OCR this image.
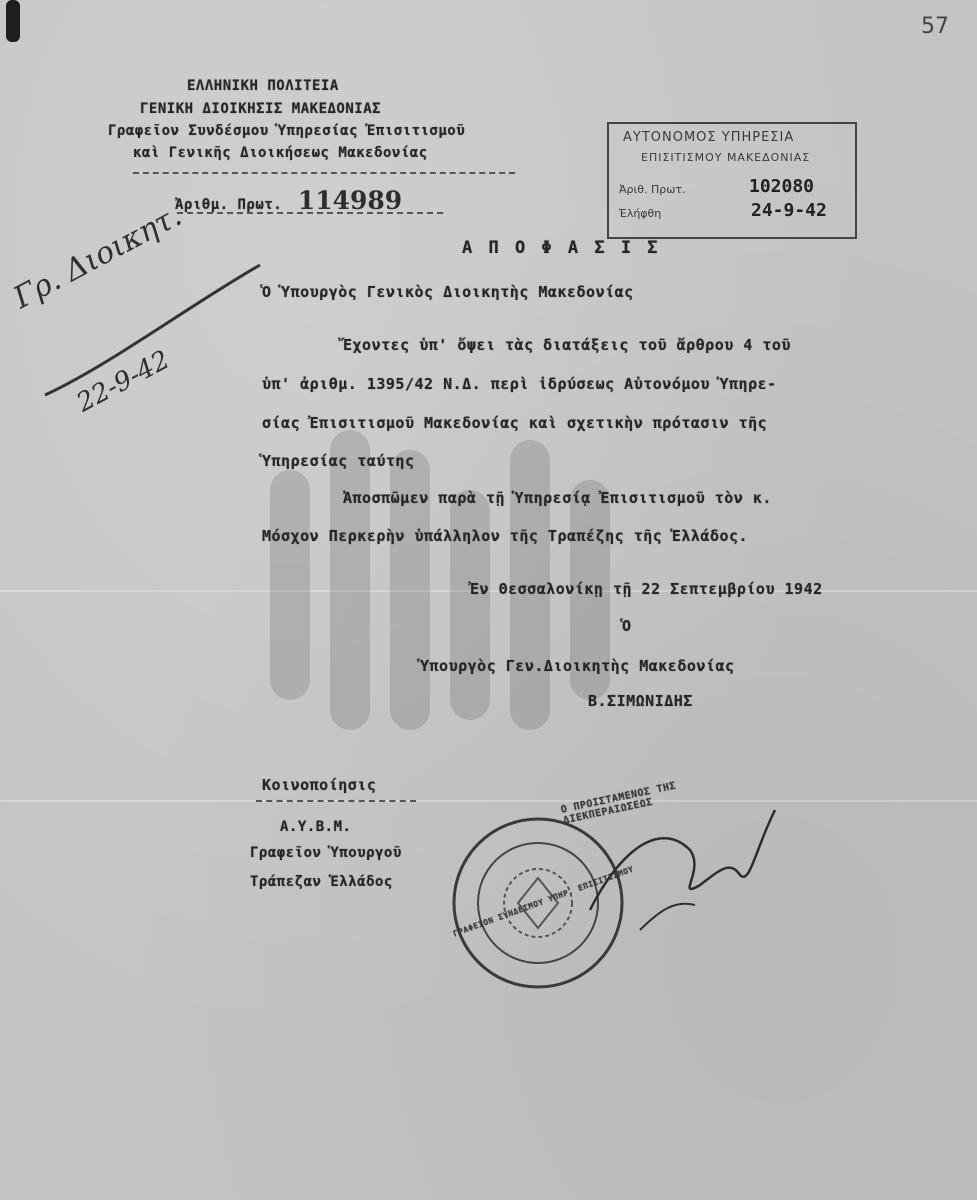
57
ΕΛΛΗΝΙΚΗ ΠΟΛΙΤΕΙΑ
ΓΕΝΙΚΗ ΔΙΟΙΚΗΣΙΣ ΜΑΚΕΔΟΝΙΑΣ
Γραφεῖον Συνδέσμου Ὑπηρεσίας Ἐπισιτισμοῦ
καὶ Γενικῆς Διοικήσεως Μακεδονίας
Ἀριθμ. Πρωτ. 114989
ΑΥΤΟΝΟΜΟΣ ΥΠΗΡΕΣΙΑ
ΕΠΙΣΙΤΙΣΜΟΥ ΜΑΚΕΔΟΝΙΑΣ
Ἀριθ. Πρωτ.	102080
Ἐλήφθη	24-9-42
Γρ. Διοικητ.
22-9-42
Α Π Ο Φ Α Σ Ι Σ
Ὁ Ὑπουργὸς Γενικὸς Διοικητὴς Μακεδονίας
Ἔχοντες ὑπ' ὄψει τὰς διατάξεις τοῦ ἄρθρου 4 τοῦ
ὑπ' ἀριθμ. 1395/42 Ν.Δ. περὶ ἱδρύσεως Αὐτονόμου Ὑπηρε-
σίας Ἐπισιτισμοῦ Μακεδονίας καὶ σχετικὴν πρότασιν τῆς
Ὑπηρεσίας ταύτης
Ἀποσπῶμεν παρὰ τῇ Ὑπηρεσίᾳ Ἐπισιτισμοῦ τὸν κ.
Μόσχον Περκερὴν ὑπάλληλον τῆς Τραπέζης τῆς Ἑλλάδος.
Ἐν Θεσσαλονίκῃ τῇ 22 Σεπτεμβρίου 1942
Ὁ
Ὑπουργὸς Γεν.Διοικητὴς Μακεδονίας
Β.ΣΙΜΩΝΙΔΗΣ
Κοινοποίησις
Α.Υ.Β.Μ.
Γραφεῖον Ὑπουργοῦ
Τράπεζαν Ἑλλάδος	ΓΡΑΦΕΙΟΝ ΣΥΝΔΕΣΜΟΥ ΥΠΗΡ. ΕΠΙΣΙΤΙΣΜΟΥ
Ο ΠΡΟΙΣΤΑΜΕΝΟΣ ΤΗΣ ΔΙΕΚΠΕΡΑΙΩΣΕΩΣ
